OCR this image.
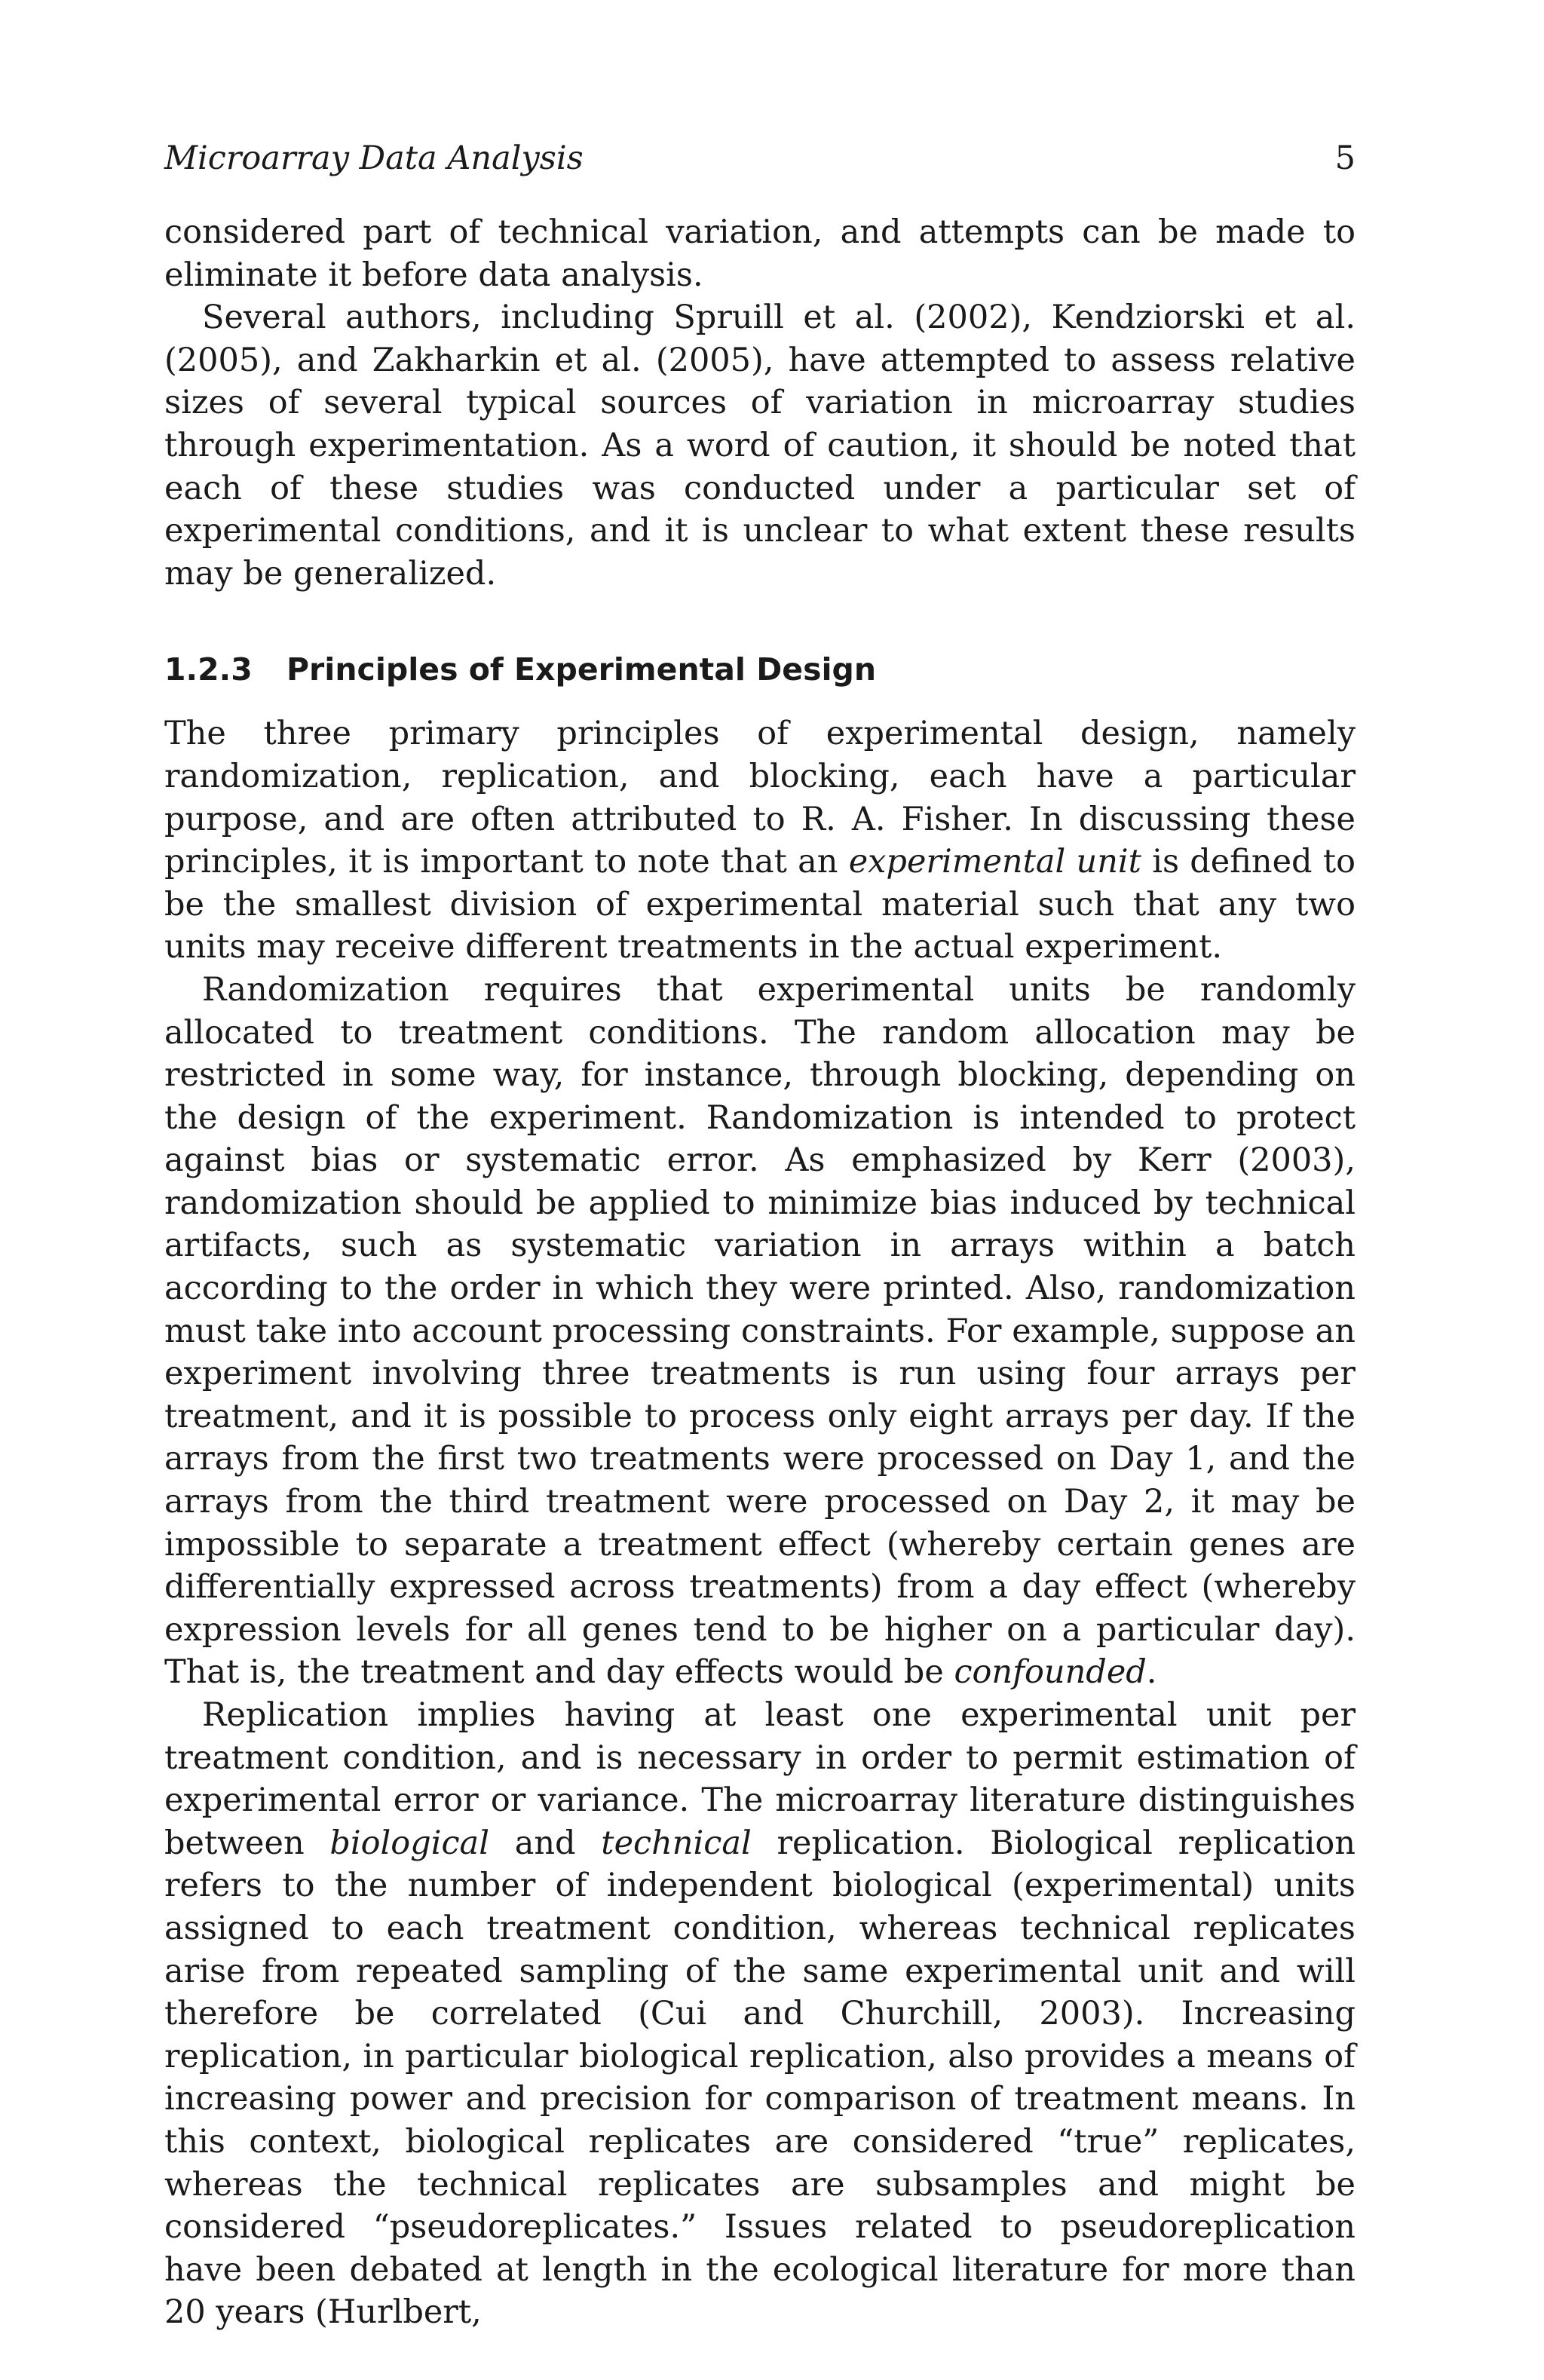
Microarray Data Analysis	5

considered part of technical variation, and attempts can be made to eliminate it before data analysis.

Several authors, including Spruill et al. (2002), Kendziorski et al. (2005), and Zakharkin et al. (2005), have attempted to assess relative sizes of several typical sources of variation in microarray studies through experimentation. As a word of caution, it should be noted that each of these studies was conducted under a particular set of experimental conditions, and it is unclear to what extent these results may be generalized.

1.2.3 Principles of Experimental Design

The three primary principles of experimental design, namely randomization, replication, and blocking, each have a particular purpose, and are often attributed to R. A. Fisher. In discussing these principles, it is important to note that an experimental unit is defined to be the smallest division of experimental material such that any two units may receive different treatments in the actual experiment.

Randomization requires that experimental units be randomly allocated to treatment conditions. The random allocation may be restricted in some way, for instance, through blocking, depending on the design of the experiment. Randomization is intended to protect against bias or systematic error. As emphasized by Kerr (2003), randomization should be applied to minimize bias induced by technical artifacts, such as systematic variation in arrays within a batch according to the order in which they were printed. Also, randomization must take into account processing constraints. For example, suppose an experiment involving three treatments is run using four arrays per treatment, and it is possible to process only eight arrays per day. If the arrays from the first two treatments were processed on Day 1, and the arrays from the third treatment were processed on Day 2, it may be impossible to separate a treatment effect (whereby certain genes are differentially expressed across treatments) from a day effect (whereby expression levels for all genes tend to be higher on a particular day). That is, the treatment and day effects would be confounded.

Replication implies having at least one experimental unit per treatment condition, and is necessary in order to permit estimation of experimental error or variance. The microarray literature distinguishes between biological and technical replication. Biological replication refers to the number of independent biological (experimental) units assigned to each treatment condition, whereas technical replicates arise from repeated sampling of the same experimental unit and will therefore be correlated (Cui and Churchill, 2003). Increasing replication, in particular biological replication, also provides a means of increasing power and precision for comparison of treatment means. In this context, biological replicates are considered “true” replicates, whereas the technical replicates are subsamples and might be considered “pseudoreplicates.” Issues related to pseudoreplication have been debated at length in the ecological literature for more than 20 years (Hurlbert,
